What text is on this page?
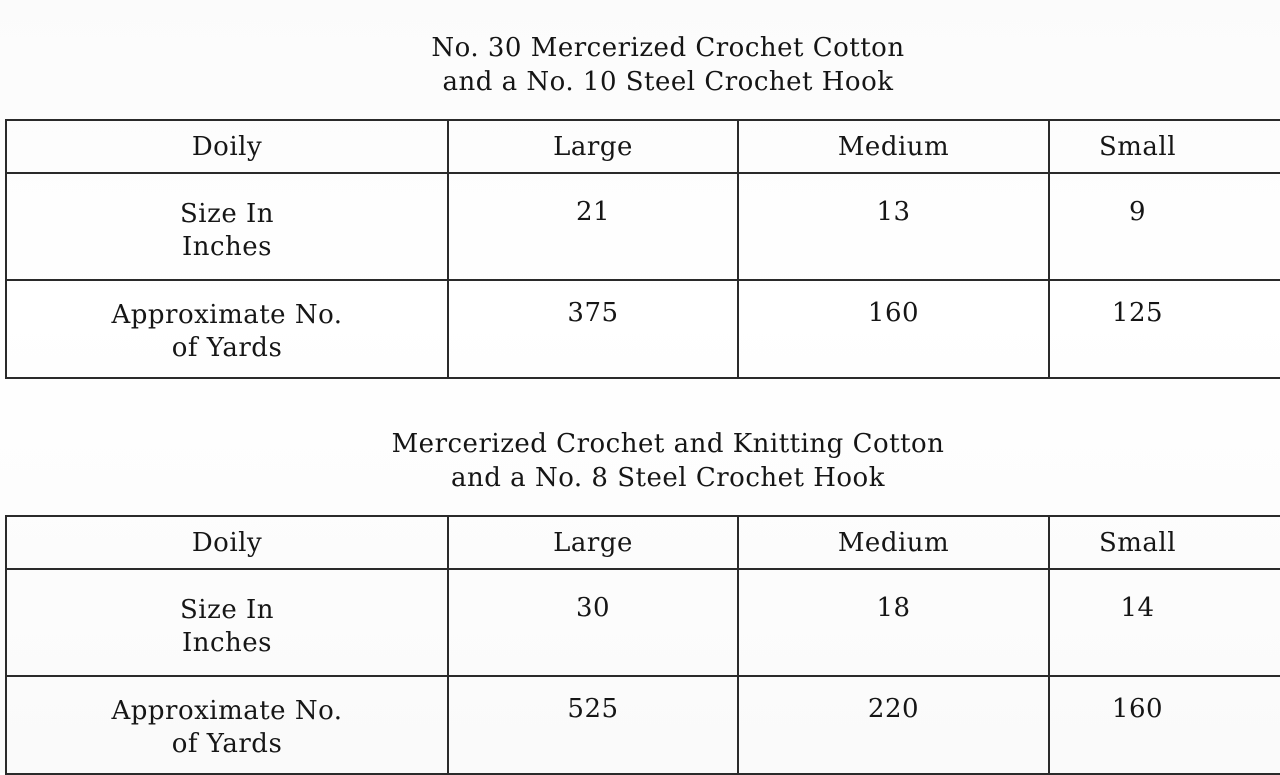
No. 30 Mercerized Crochet Cotton
and a No. 10 Steel Crochet Hook
Doily	Large	Medium	Small

Size In
Inches	21	13	9

Approximate No.
of Yards	375	160	125
Mercerized Crochet and Knitting Cotton
and a No. 8 Steel Crochet Hook
Doily	Large	Medium	Small

Size In
Inches	30	18	14

Approximate No.
of Yards	525	220	160
